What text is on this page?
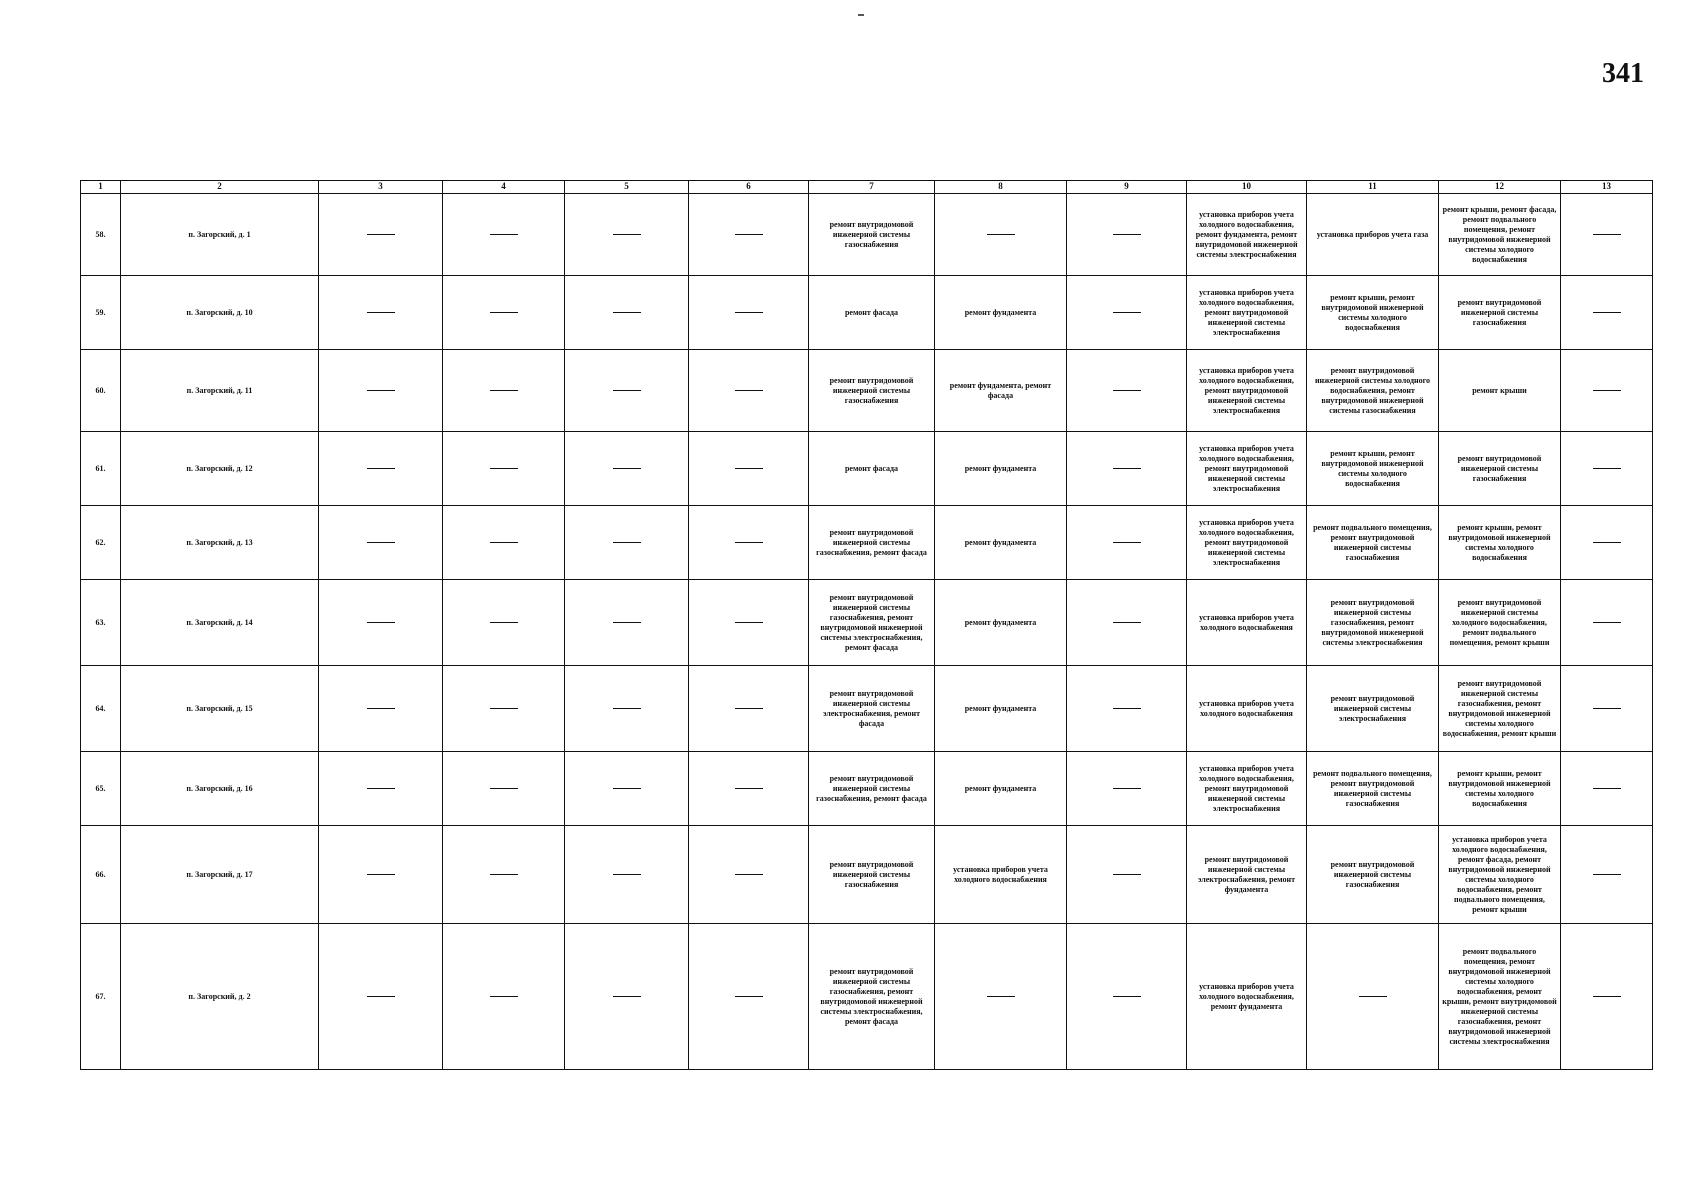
341
1	2	3	4	5	6	7	8	9	10	11	12	13
58.	п. Загорский, д. 1					ремонт внутридомовой инженерной системы газоснабжения			установка приборов учета холодного водоснабжения, ремонт фундамента, ремонт внутридомовой инженерной системы электроснабжения	установка приборов учета газа	ремонт крыши, ремонт фасада, ремонт подвального помещения, ремонт внутридомовой инженерной системы холодного водоснабжения	
59.	п. Загорский, д. 10					ремонт фасада	ремонт фундамента		установка приборов учета холодного водоснабжения, ремонт внутридомовой инженерной системы электроснабжения	ремонт крыши, ремонт внутридомовой инженерной системы холодного водоснабжения	ремонт внутридомовой инженерной системы газоснабжения	
60.	п. Загорский, д. 11					ремонт внутридомовой инженерной системы газоснабжения	ремонт фундамента, ремонт фасада		установка приборов учета холодного водоснабжения, ремонт внутридомовой инженерной системы электроснабжения	ремонт внутридомовой инженерной системы холодного водоснабжения, ремонт внутридомовой инженерной системы газоснабжения	ремонт крыши	
61.	п. Загорский, д. 12					ремонт фасада	ремонт фундамента		установка приборов учета холодного водоснабжения, ремонт внутридомовой инженерной системы электроснабжения	ремонт крыши, ремонт внутридомовой инженерной системы холодного водоснабжения	ремонт внутридомовой инженерной системы газоснабжения	
62.	п. Загорский, д. 13					ремонт внутридомовой инженерной системы газоснабжения, ремонт фасада	ремонт фундамента		установка приборов учета холодного водоснабжения, ремонт внутридомовой инженерной системы электроснабжения	ремонт подвального помещения, ремонт внутридомовой инженерной системы газоснабжения	ремонт крыши, ремонт внутридомовой инженерной системы холодного водоснабжения	
63.	п. Загорский, д. 14					ремонт внутридомовой инженерной системы газоснабжения, ремонт внутридомовой инженерной системы электроснабжения, ремонт фасада	ремонт фундамента		установка приборов учета холодного водоснабжения	ремонт внутридомовой инженерной системы газоснабжения, ремонт внутридомовой инженерной системы электроснабжения	ремонт внутридомовой инженерной системы холодного водоснабжения, ремонт подвального помещения, ремонт крыши	
64.	п. Загорский, д. 15					ремонт внутридомовой инженерной системы электроснабжения, ремонт фасада	ремонт фундамента		установка приборов учета холодного водоснабжения	ремонт внутридомовой инженерной системы электроснабжения	ремонт внутридомовой инженерной системы газоснабжения, ремонт внутридомовой инженерной системы холодного водоснабжения, ремонт крыши	
65.	п. Загорский, д. 16					ремонт внутридомовой инженерной системы газоснабжения, ремонт фасада	ремонт фундамента		установка приборов учета холодного водоснабжения, ремонт внутридомовой инженерной системы электроснабжения	ремонт подвального помещения, ремонт внутридомовой инженерной системы газоснабжения	ремонт крыши, ремонт внутридомовой инженерной системы холодного водоснабжения	
66.	п. Загорский, д. 17					ремонт внутридомовой инженерной системы газоснабжения	установка приборов учета холодного водоснабжения		ремонт внутридомовой инженерной системы электроснабжения, ремонт фундамента	ремонт внутридомовой инженерной системы газоснабжения	установка приборов учета холодного водоснабжения, ремонт фасада, ремонт внутридомовой инженерной системы холодного водоснабжения, ремонт подвального помещения, ремонт крыши	
67.	п. Загорский, д. 2					ремонт внутридомовой инженерной системы газоснабжения, ремонт внутридомовой инженерной системы электроснабжения, ремонт фасада			установка приборов учета холодного водоснабжения, ремонт фундамента		ремонт подвального помещения, ремонт внутридомовой инженерной системы холодного водоснабжения, ремонт крыши, ремонт внутридомовой инженерной системы газоснабжения, ремонт внутридомовой инженерной системы электроснабжения	
